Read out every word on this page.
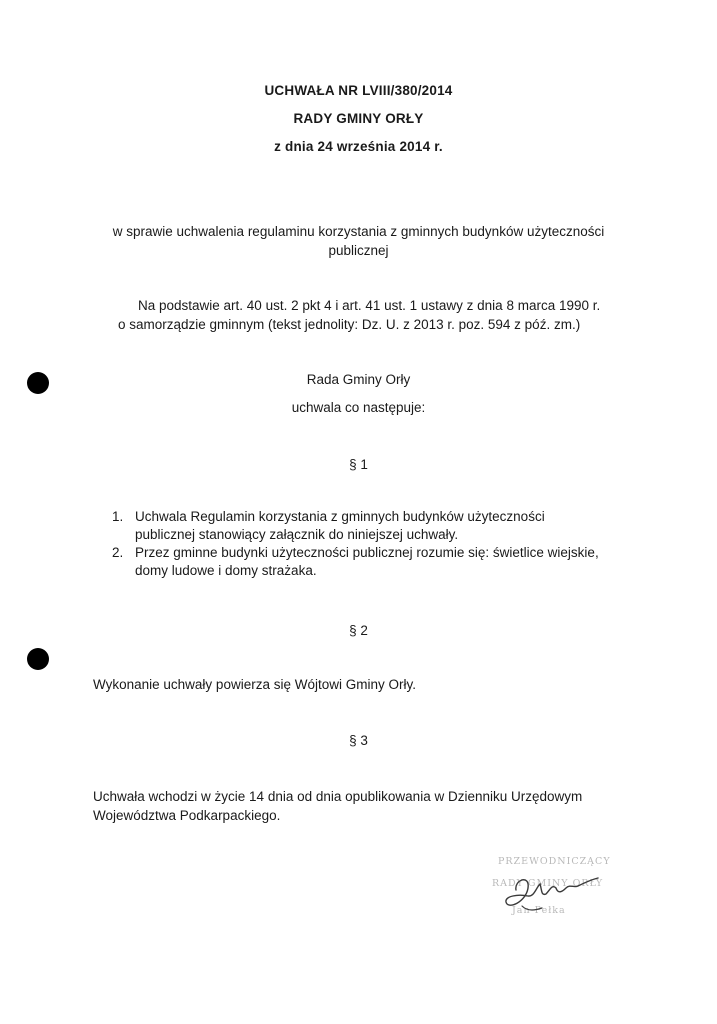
UCHWAŁA NR LVIII/380/2014
RADY GMINY ORŁY
z dnia 24 września 2014 r.
w sprawie uchwalenia regulaminu korzystania z gminnych budynków użyteczności
publicznej
Na podstawie art. 40 ust. 2 pkt 4 i art. 41 ust. 1 ustawy z dnia 8 marca 1990 r.
o samorządzie gminnym (tekst jednolity: Dz. U. z 2013 r. poz. 594 z póź. zm.)
Rada Gminy Orły
uchwala co następuje:
§ 1
1. Uchwala Regulamin korzystania z gminnych budynków użyteczności
publicznej stanowiący załącznik do niniejszej uchwały.
2. Przez gminne budynki użyteczności publicznej rozumie się: świetlice wiejskie,
domy ludowe i domy strażaka.
§ 2
Wykonanie uchwały powierza się Wójtowi Gminy Orły.
§ 3
Uchwała wchodzi w życie 14 dnia od dnia opublikowania w Dzienniku Urzędowym
Województwa Podkarpackiego.
PRZEWODNICZĄCY
RADY GMINY ORŁY
Jan Pełka
